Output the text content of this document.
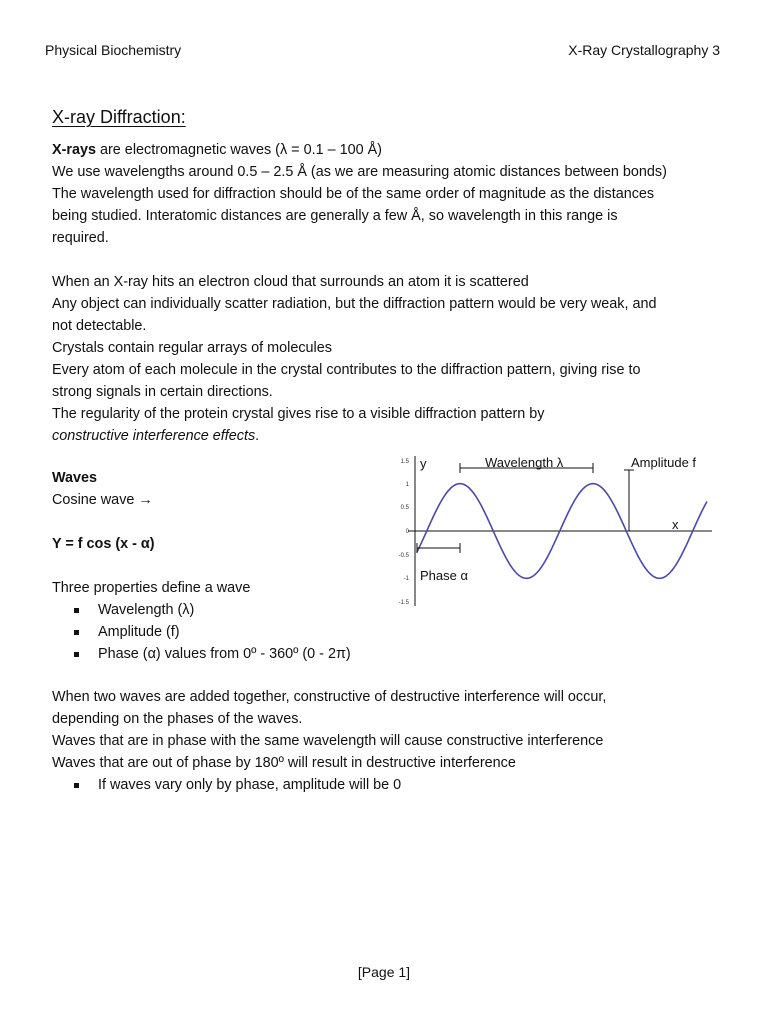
Physical Biochemistry	X-Ray Crystallography 3
X-ray Diffraction:
X-rays are electromagnetic waves (λ = 0.1 – 100 Å)
We use wavelengths around 0.5 – 2.5 Å (as we are measuring atomic distances between bonds)
The wavelength used for diffraction should be of the same order of magnitude as the distances
being studied. Interatomic distances are generally a few Å, so wavelength in this range is
required.
When an X-ray hits an electron cloud that surrounds an atom it is scattered
Any object can individually scatter radiation, but the diffraction pattern would be very weak, and
not detectable.
Crystals contain regular arrays of molecules
Every atom of each molecule in the crystal contributes to the diffraction pattern, giving rise to
strong signals in certain directions.
The regularity of the protein crystal gives rise to a visible diffraction pattern by
constructive interference effects.
Waves
Cosine wave →
Y = f cos (x - α)
Three properties define a wave
Wavelength (λ)
Amplitude (f)
Phase (α) values from 0º - 360º (0 - 2π)
When two waves are added together, constructive of destructive interference will occur,
depending on the phases of the waves.
Waves that are in phase with the same wavelength will cause constructive interference
Waves that are out of phase by 180º will result in destructive interference
If waves vary only by phase, amplitude will be 0
1.5
1
0.5
0
-0.5
-1
-1.5
y	Wavelength λ	Amplitude f
x
Phase α
[Page 1]
